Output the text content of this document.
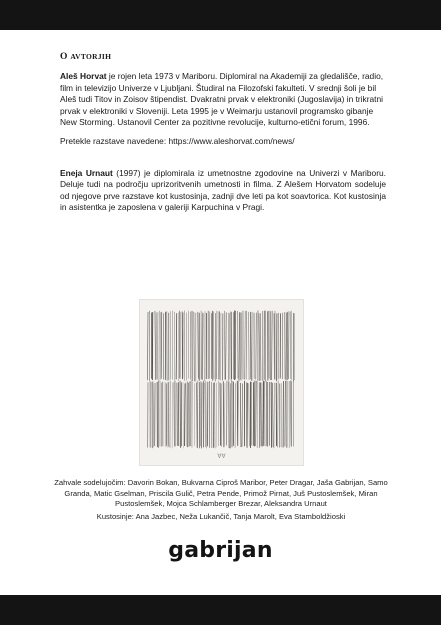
O AVTORJIH

Aleš Horvat je rojen leta 1973 v Mariboru. Diplomiral na Akademiji za gledališče, radio, film in televizijo Univerze v Ljubljani. Študiral na Filozofski fakulteti. V srednji šoli je bil Aleš tudi Titov in Zoisov štipendist. Dvakratni prvak v elektroniki (Jugoslavija) in trikratni prvak v elektroniki v Sloveniji. Leta 1995 je v Weimarju ustanovil programsko gibanje New Storming. Ustanovil Center za pozitivne revolucije, kulturno-etični forum, 1996.

Pretekle razstave navedene: https://www.aleshorvat.com/news/

Eneja Urnaut (1997) je diplomirala iz umetnostne zgodovine na Univerzi v Mariboru. Deluje tudi na področju uprizoritvenih umetnosti in filma. Z Alešem Horvatom sodeluje od njegove prve razstave kot kustosinja, zadnji dve leti pa kot soavtorica. Kot kustosinja in asistentka je zaposlena v galeriji Karpuchina v Pragi.

∀∀
Zahvale sodelujočim: Davorin Bokan, Bukvarna Ciproš Maribor, Peter Dragar, Jaša Gabrijan, Samo Granda, Matic Gselman, Priscila Gulič, Petra Pende, Primož Pirnat, Juš Pustoslemšek, Miran Pustoslemšek, Mojca Schlamberger Brezar, Aleksandra Urnaut
Kustosinje: Ana Jazbec, Neža Lukančič, Tanja Marolt, Eva Stamboldžioski
gabrijan
